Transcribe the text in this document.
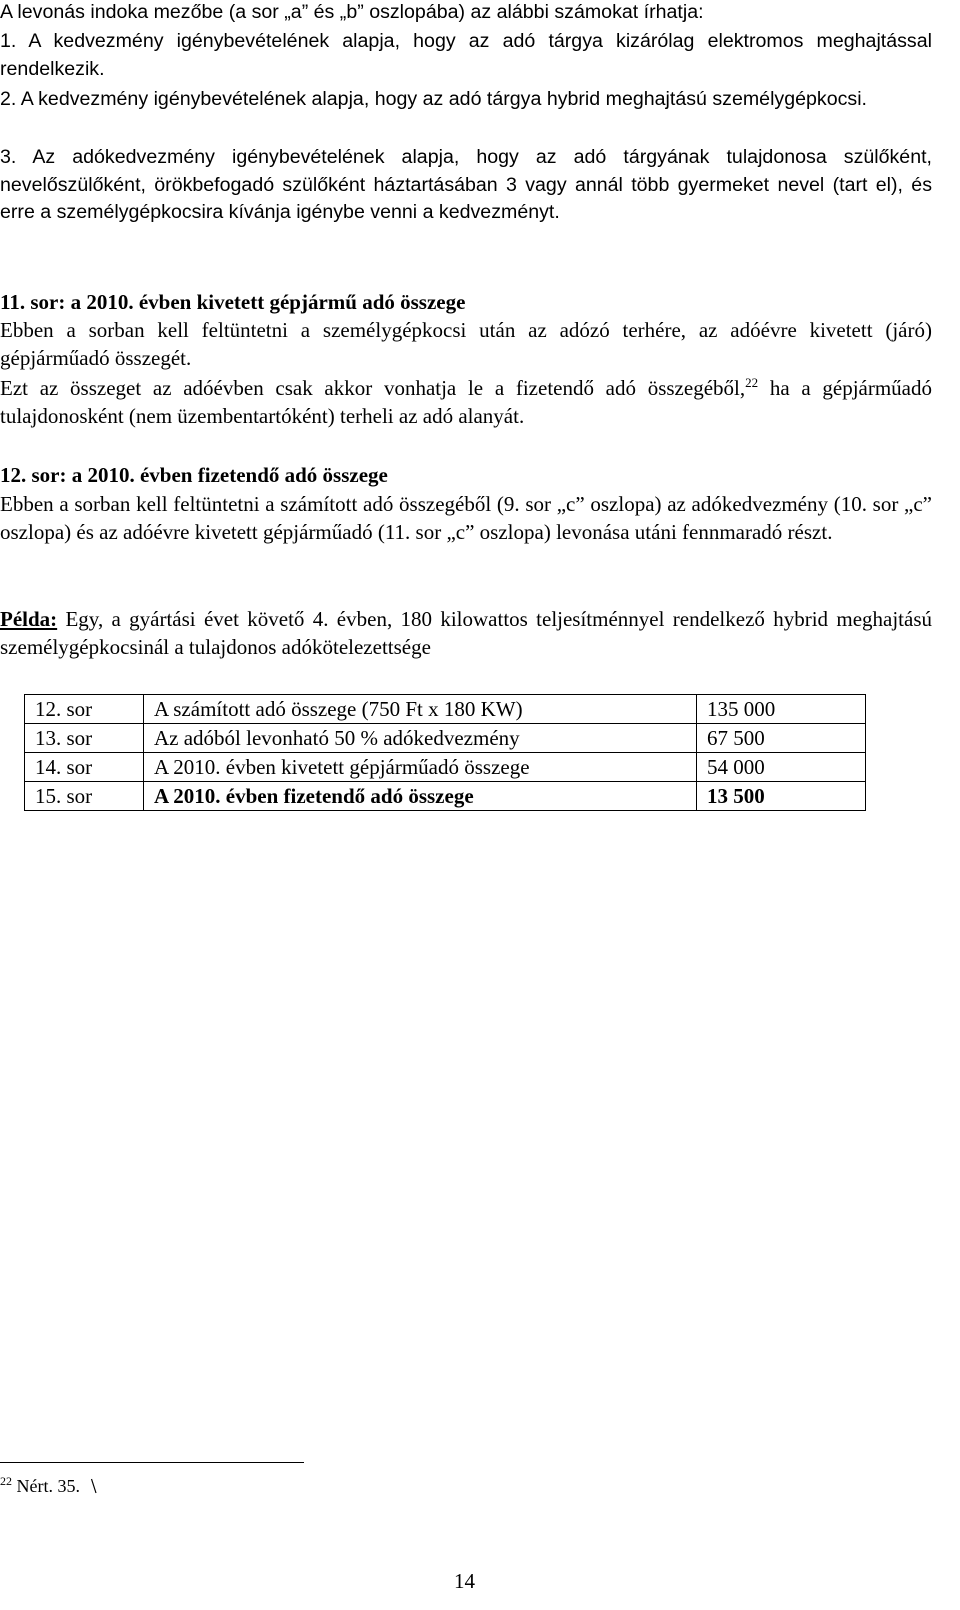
A levonás indoka mezőbe (a sor „a” és „b” oszlopába) az alábbi számokat írhatja:
1. A kedvezmény igénybevételének alapja, hogy az adó tárgya kizárólag elektromos meghajtással rendelkezik.
2. A kedvezmény igénybevételének alapja, hogy az adó tárgya hybrid meghajtású személygépkocsi.
3. Az adókedvezmény igénybevételének alapja, hogy az adó tárgyának tulajdonosa szülőként, nevelőszülőként, örökbefogadó szülőként háztartásában 3 vagy annál több gyermeket nevel (tart el), és erre a személygépkocsira kívánja igénybe venni a kedvezményt.
11. sor: a 2010. évben kivetett gépjármű adó összege
Ebben a sorban kell feltüntetni a személygépkocsi után az adózó terhére, az adóévre kivetett (járó) gépjárműadó összegét.
Ezt az összeget az adóévben csak akkor vonhatja le a fizetendő adó összegéből,$^{22}$ ha a gépjárműadó tulajdonosként (nem üzembentartóként) terheli az adó alanyát.
12. sor: a 2010. évben fizetendő adó összege
Ebben a sorban kell feltüntetni a számított adó összegéből (9. sor „c” oszlopa) az adókedvezmény (10. sor „c” oszlopa) és az adóévre kivetett gépjárműadó (11. sor „c” oszlopa) levonása utáni fennmaradó részt.
Példa: Egy, a gyártási évet követő 4. évben, 180 kilowattos teljesítménnyel rendelkező hybrid meghajtású személygépkocsinál a tulajdonos adókötelezettsége
12. sor	A számított adó összege (750 Ft x 180 KW)	135 000
13. sor	Az adóból levonható 50 % adókedvezmény	67 500
14. sor	A 2010. évben kivetett gépjárműadó összege	54 000
15. sor	A 2010. évben fizetendő adó összege	13 500
$^{22}$ Nért. 35.
14
